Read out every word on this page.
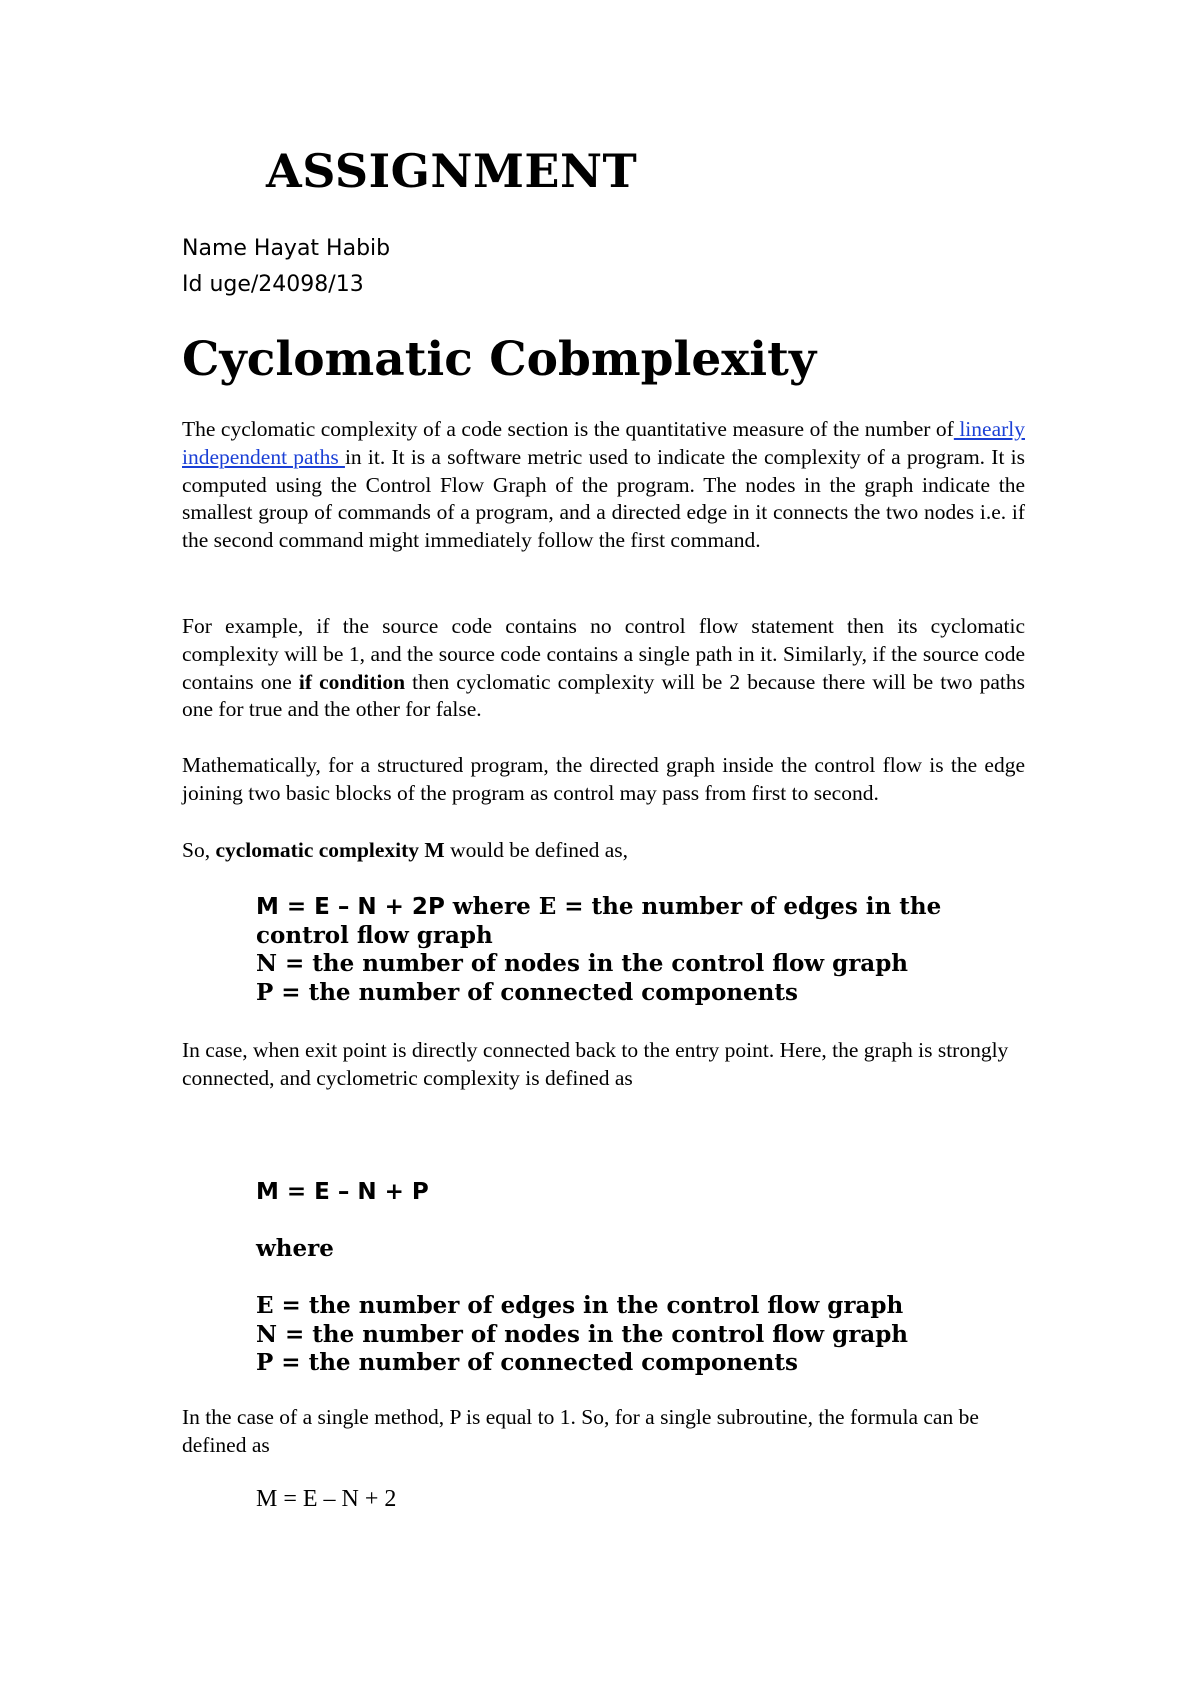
ASSIGNMENT
Name Hayat Habib
Id uge/24098/13
Cyclomatic Cobmplexity

The cyclomatic complexity of a code section is the quantitative measure of the number of linearly independent paths in it. It is a software metric used to indicate the complexity of a program. It is computed using the Control Flow Graph of the program. The nodes in the graph indicate the smallest group of commands of a program, and a directed edge in it connects the two nodes i.e. if the second command might immediately follow the first command.

For example, if the source code contains no control flow statement then its cyclomatic complexity will be 1, and the source code contains a single path in it. Similarly, if the source code contains one if condition then cyclomatic complexity will be 2 because there will be two paths one for true and the other for false.

Mathematically, for a structured program, the directed graph inside the control flow is the edge joining two basic blocks of the program as control may pass from first to second.

So, cyclomatic complexity M would be defined as,

M = E – N + 2P where E = the number of edges in the
control flow graph
N = the number of nodes in the control flow graph
P = the number of connected components

In case, when exit point is directly connected back to the entry point. Here, the graph is strongly connected, and cyclometric complexity is defined as

M = E – N + P
where
E = the number of edges in the control flow graph
N = the number of nodes in the control flow graph
P = the number of connected components

In the case of a single method, P is equal to 1. So, for a single subroutine, the formula can be defined as

M = E – N + 2
